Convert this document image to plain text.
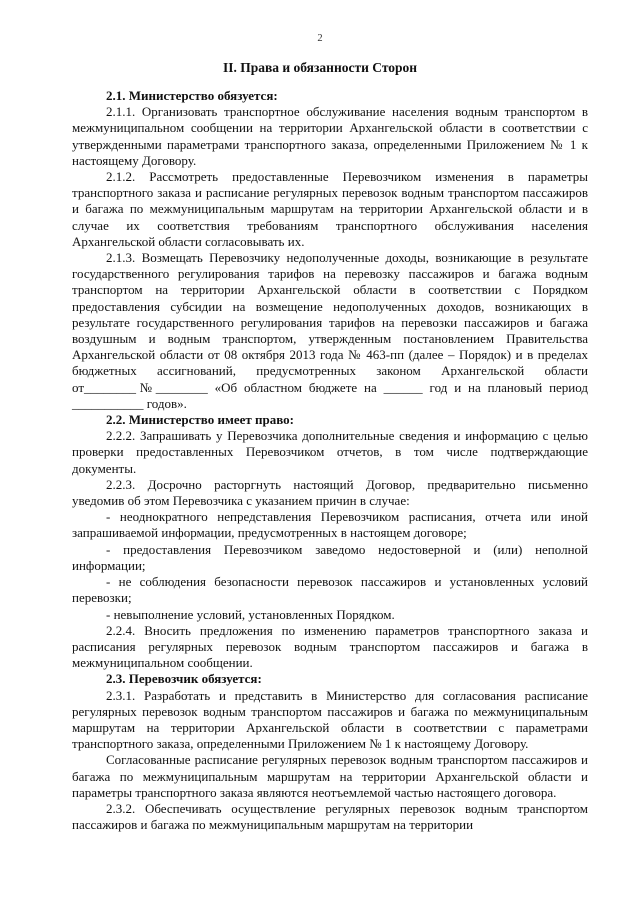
2
II. Права и обязанности Сторон

2.1. Министерство обязуется:

2.1.1. Организовать транспортное обслуживание населения водным транспортом в межмуниципальном сообщении на территории Архангельской области в соответствии с утвержденными параметрами транспортного заказа, определенными Приложением № 1 к настоящему Договору.

2.1.2. Рассмотреть предоставленные Перевозчиком изменения в параметры транспортного заказа и расписание регулярных перевозок водным транспортом пассажиров и багажа по межмуниципальным маршрутам на территории Архангельской области и в случае их соответствия требованиям транспортного обслуживания населения Архангельской области согласовывать их.

2.1.3. Возмещать Перевозчику недополученные доходы, возникающие в результате государственного регулирования тарифов на перевозку пассажиров и багажа водным транспортом на территории Архангельской области в соответствии с Порядком предоставления субсидии на возмещение недополученных доходов, возникающих в результате государственного регулирования тарифов на перевозки пассажиров и багажа воздушным и водным транспортом, утвержденным постановлением Правительства Архангельской области от 08 октября 2013 года № 463-пп (далее – Порядок) и в пределах бюджетных ассигнований, предусмотренных законом Архангельской области от________№________ «Об областном бюджете на ______ год и на плановый период ___________ годов».

2.2. Министерство имеет право:

2.2.2. Запрашивать у Перевозчика дополнительные сведения и информацию с целью проверки предоставленных Перевозчиком отчетов, в том числе подтверждающие документы.

2.2.3. Досрочно расторгнуть настоящий Договор, предварительно письменно уведомив об этом Перевозчика с указанием причин в случае:

- неоднократного непредставления Перевозчиком расписания, отчета или иной запрашиваемой информации, предусмотренных в настоящем договоре;

- предоставления Перевозчиком заведомо недостоверной и (или) неполной информации;

- не соблюдения безопасности перевозок пассажиров и установленных условий перевозки;

- невыполнение условий, установленных Порядком.

2.2.4. Вносить предложения по изменению параметров транспортного заказа и расписания регулярных перевозок водным транспортом пассажиров и багажа в межмуниципальном сообщении.

2.3. Перевозчик обязуется:

2.3.1. Разработать и представить в Министерство для согласования расписание регулярных перевозок водным транспортом пассажиров и багажа по межмуниципальным маршрутам на территории Архангельской области в соответствии с параметрами транспортного заказа, определенными Приложением № 1 к настоящему Договору.

Согласованные расписание регулярных перевозок водным транспортом пассажиров и багажа по межмуниципальным маршрутам на территории Архангельской области и параметры транспортного заказа являются неотъемлемой частью настоящего договора.

2.3.2. Обеспечивать осуществление регулярных перевозок водным транспортом пассажиров и багажа по межмуниципальным маршрутам на территории
